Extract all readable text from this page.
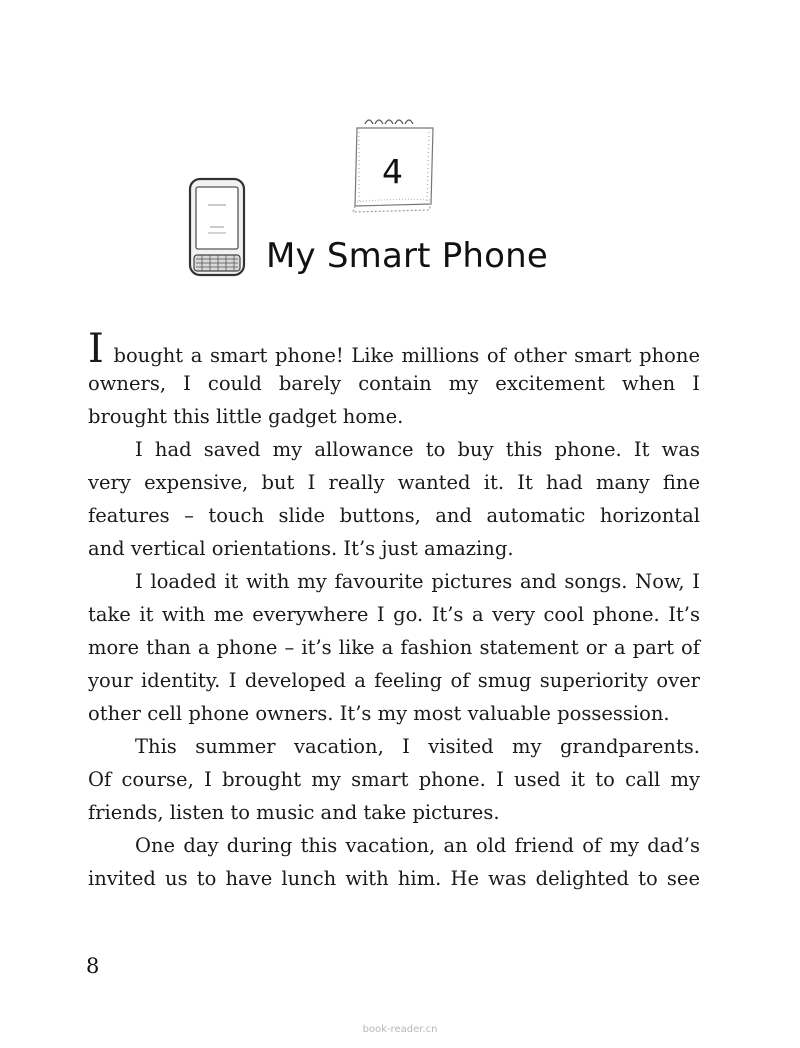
4
My Smart Phone
I bought a smart phone! Like millions of other smart phone
owners, I could barely contain my excitement when I
brought this little gadget home.
I had saved my allowance to buy this phone. It was
very expensive, but I really wanted it. It had many fine
features – touch slide buttons, and automatic horizontal
and vertical orientations. It’s just amazing.
I loaded it with my favourite pictures and songs. Now, I
take it with me everywhere I go. It’s a very cool phone. It’s
more than a phone – it’s like a fashion statement or a part of
your identity. I developed a feeling of smug superiority over
other cell phone owners. It’s my most valuable possession.
This summer vacation, I visited my grandparents.
Of course, I brought my smart phone. I used it to call my
friends, listen to music and take pictures.
One day during this vacation, an old friend of my dad’s
invited us to have lunch with him. He was delighted to see
8
book-reader.cn
